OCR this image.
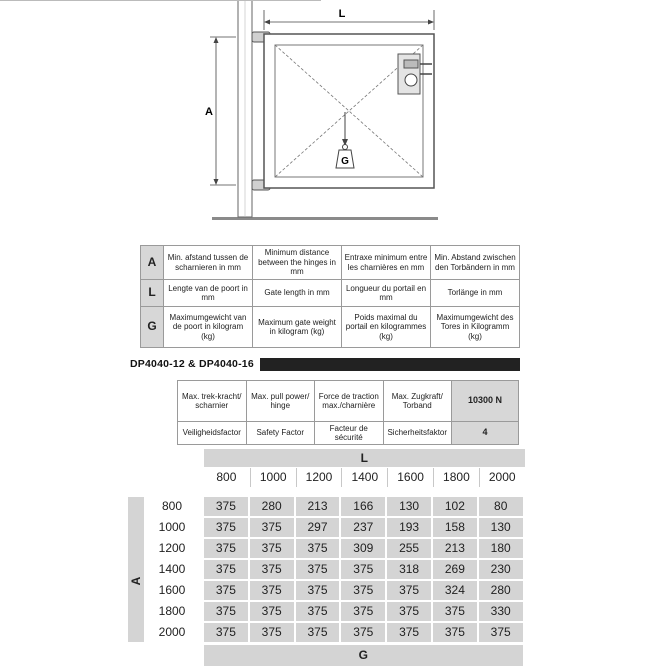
L
A
G
A	Min. afstand tussen de scharnieren in mm	Minimum distance between the hinges in mm	Entraxe minimum entre les charnières en mm	Min. Abstand zwischen den Torbändern in mm
L	Lengte van de poort in mm	Gate length in mm	Longueur du portail en mm	Torlänge in mm
G	Maximumgewicht van de poort in kilogram (kg)	Maximum gate weight in kilogram (kg)	Poids maximal du portail en kilogrammes (kg)	Maximumgewicht des Tores in Kilogramm (kg)
DP4040-12 & DP4040-16
Max. trek-kracht/ scharnier	Max. pull power/ hinge	Force de traction max./charnière	Max. Zugkraft/ Torband	10300 N
Veiligheidsfactor	Safety Factor	Facteur de sécurité	Sicherheitsfaktor	4
L
800	1000	1200	1400	1600	1800	2000
A
800	375	280	213	166	130	102	80
1000	375	375	297	237	193	158	130
1200	375	375	375	309	255	213	180
1400	375	375	375	375	318	269	230
1600	375	375	375	375	375	324	280
1800	375	375	375	375	375	375	330
2000	375	375	375	375	375	375	375
G
